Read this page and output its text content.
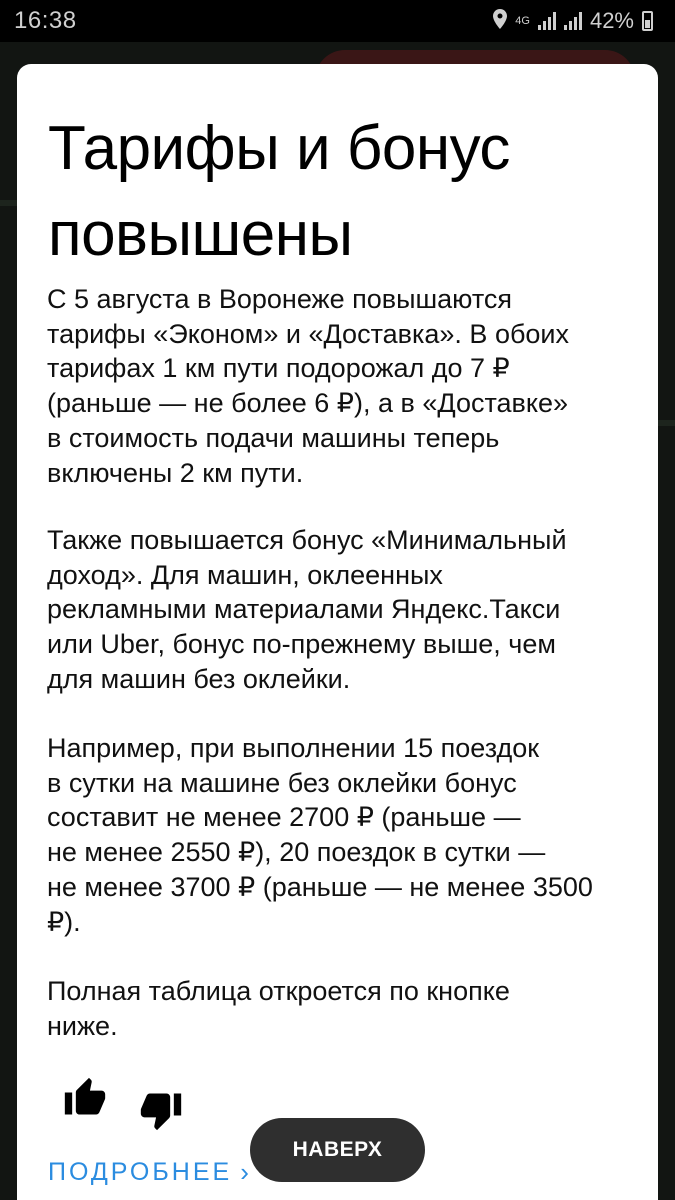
16:38	4G	42%
Тарифы и бонус
повышены
С 5 августа в Воронеже повышаются
тарифы «Эконом» и «Доставка». В обоих
тарифах 1 км пути подорожал до 7 ₽
(раньше — не более 6 ₽), а в «Доставке»
в стоимость подачи машины теперь
включены 2 км пути.
Также повышается бонус «Минимальный
доход». Для машин, оклеенных
рекламными материалами Яндекс.Такси
или Uber, бонус по-прежнему выше, чем
для машин без оклейки.
Например, при выполнении 15 поездок
в сутки на машине без оклейки бонус
составит не менее 2700 ₽ (раньше —
не менее 2550 ₽), 20 поездок в сутки —
не менее 3700 ₽ (раньше — не менее 3500
₽).
Полная таблица откроется по кнопке
ниже.
ПОДРОБНЕЕ ›
НАВЕРХ
